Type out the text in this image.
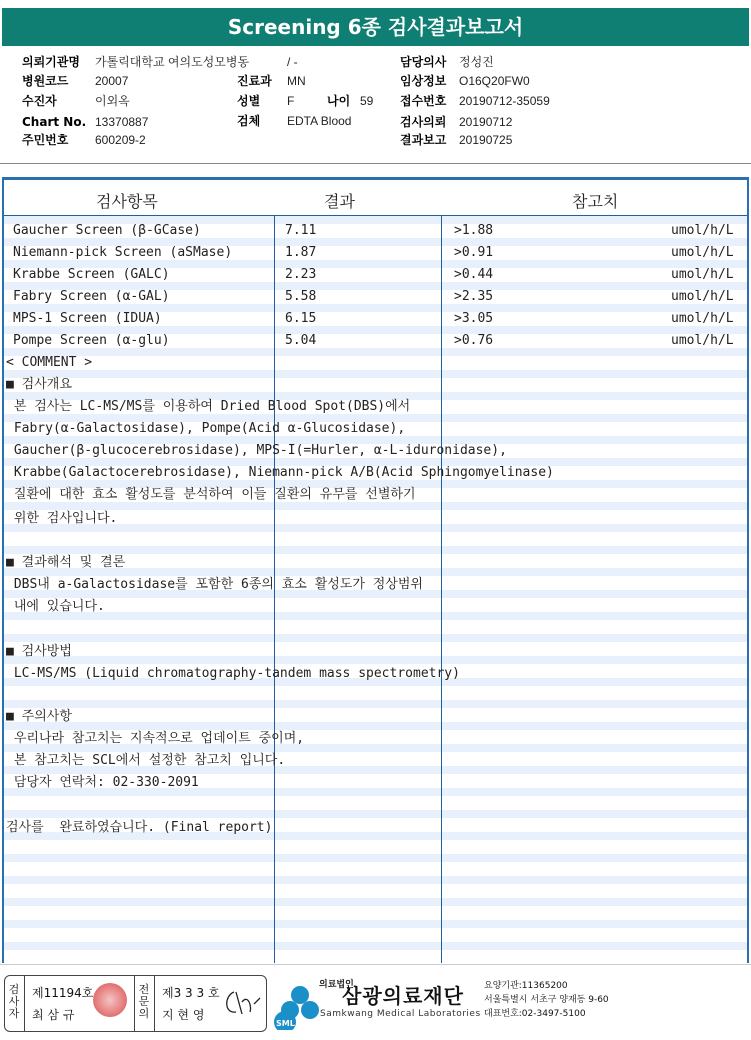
Screening 6종 검사결과보고서
의뢰기관명 가톨릭대학교 여의도성모병동	/ -	담당의사 정성진
병원코드 20007	진료과 MN	임상정보 O16Q20FW0
수진자	이외옥	성별 F	나이 59 접수번호 20190712-35059
Chart No. 13370887	검체 EDTA Blood	검사의뢰 20190712
주민번호 600209-2	결과보고 20190725
검사항목	결과	참고치
Gaucher Screen (β-GCase)	7.11	>1.88	umol/h/L
Niemann-pick Screen (aSMase)	1.87	>0.91	umol/h/L
Krabbe Screen (GALC)	2.23	>0.44	umol/h/L
Fabry Screen (α-GAL)	5.58	>2.35	umol/h/L
MPS-1 Screen (IDUA)	6.15	>3.05	umol/h/L
Pompe Screen (α-glu)	5.04	>0.76	umol/h/L
< COMMENT >
■ 검사개요
본 검사는 LC-MS/MS를 이용하여 Dried Blood Spot(DBS)에서
Fabry(α-Galactosidase), Pompe(Acid α-Glucosidase),
Gaucher(β-glucocerebrosidase), MPS-I(=Hurler, α-L-iduronidase),
Krabbe(Galactocerebrosidase), Niemann-pick A/B(Acid Sphingomyelinase)
질환에 대한 효소 활성도를 분석하여 이들 질환의 유무를 선별하기
위한 검사입니다.
■ 결과해석 및 결론
DBS내 a-Galactosidase를 포함한 6종의 효소 활성도가 정상범위
내에 있습니다.
■ 검사방법
LC-MS/MS (Liquid chromatography-tandem mass spectrometry)
■ 주의사항
우리나라 참고치는 지속적으로 업데이트 중이며,
본 참고치는 SCL에서 설정한 참고치 입니다.
담당자 연락처: 02-330-2091
검사를  완료하였습니다. (Final report)
검사자
제11194호
최 삼 규
전문의
제3 3 3 호
지 현 영
SML
의료법인
삼광의료재단
Samkwang Medical Laboratories
요양기관:11365200
서울특별시 서초구 양재동 9-60
대표번호:02-3497-5100
